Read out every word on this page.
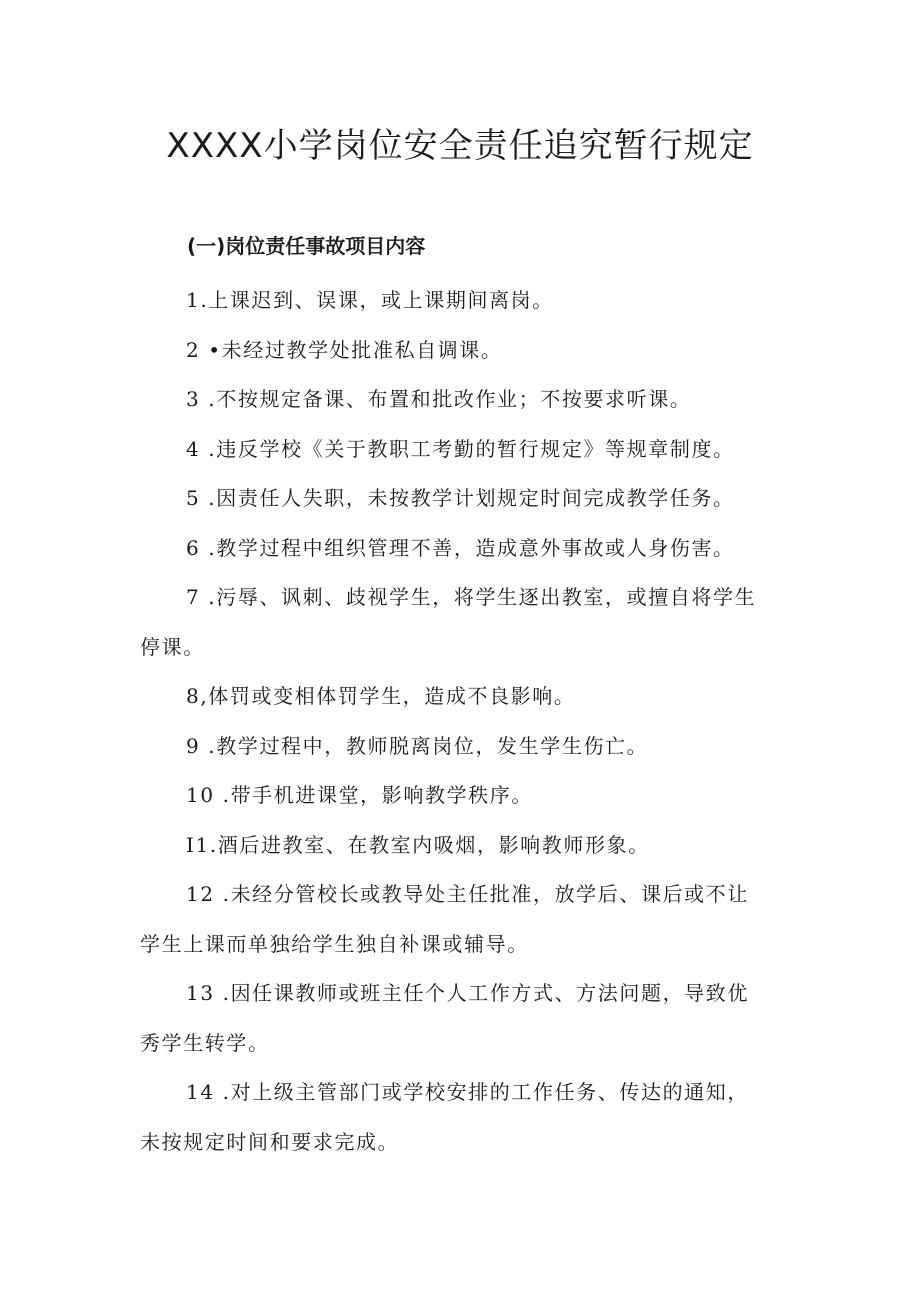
XXXX小学岗位安全责任追究暂行规定
(一)岗位责任事故项目内容
1.上课迟到、误课，或上课期间离岗。
2 •未经过教学处批准私自调课。
3 .不按规定备课、布置和批改作业；不按要求听课。
4 .违反学校《关于教职工考勤的暂行规定》等规章制度。
5 .因责任人失职，未按教学计划规定时间完成教学任务。
6 .教学过程中组织管理不善，造成意外事故或人身伤害。
7 .污辱、讽刺、歧视学生，将学生逐出教室，或擅自将学生
停课。
8,体罚或变相体罚学生，造成不良影响。
9 .教学过程中，教师脱离岗位，发生学生伤亡。
10 .带手机进课堂，影响教学秩序。
I1.酒后进教室、在教室内吸烟，影响教师形象。
12 .未经分管校长或教导处主任批准，放学后、课后或不让
学生上课而单独给学生独自补课或辅导。
13 .因任课教师或班主任个人工作方式、方法问题，导致优
秀学生转学。
14 .对上级主管部门或学校安排的工作任务、传达的通知，
未按规定时间和要求完成。
